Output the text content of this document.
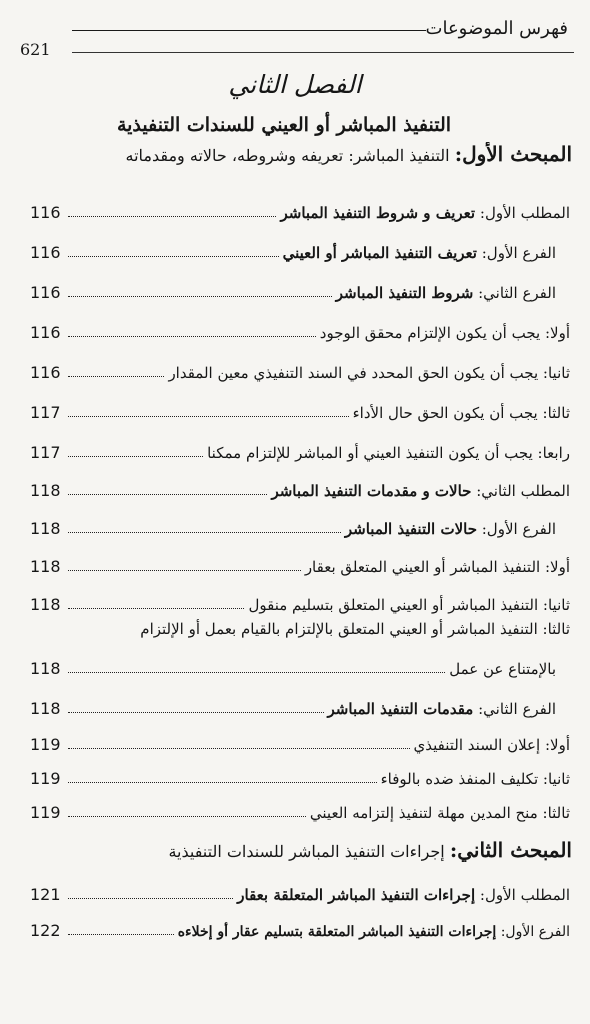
فهرس الموضوعات
621
الفصل الثاني
التنفيذ المباشر أو العيني للسندات التنفيذية
المبحث الأول: التنفيذ المباشر: تعريفه وشروطه، حالاته ومقدماته
116	المطلب الأول: تعريف و شروط التنفيذ المباشر
116	الفرع الأول: تعريف التنفيذ المباشر أو العيني
116	الفرع الثاني: شروط التنفيذ المباشر
116	أولا: يجب أن يكون الإلتزام محقق الوجود
116	ثانيا: يجب أن يكون الحق المحدد في السند التنفيذي معين المقدار
117	ثالثا: يجب أن يكون الحق حال الأداء
117	رابعا: يجب أن يكون التنفيذ العيني أو المباشر للإلتزام ممكنا
118	المطلب الثاني: حالات و مقدمات التنفيذ المباشر
118	الفرع الأول: حالات التنفيذ المباشر
118	أولا: التنفيذ المباشر أو العيني المتعلق بعقار
118	ثانيا: التنفيذ المباشر أو العيني المتعلق بتسليم منقول
ثالثا: التنفيذ المباشر أو العيني المتعلق بالإلتزام بالقيام بعمل أو الإلتزام
118	بالإمتناع عن عمل
118	الفرع الثاني: مقدمات التنفيذ المباشر
119	أولا: إعلان السند التنفيذي
119	ثانيا: تكليف المنفذ ضده بالوفاء
119	ثالثا: منح المدين مهلة لتنفيذ إلتزامه العيني
المبحث الثاني: إجراءات التنفيذ المباشر للسندات التنفيذية
121	المطلب الأول: إجراءات التنفيذ المباشر المتعلقة بعقار
122	الفرع الأول: إجراءات التنفيذ المباشر المتعلقة بتسليم عقار أو إخلاءه
